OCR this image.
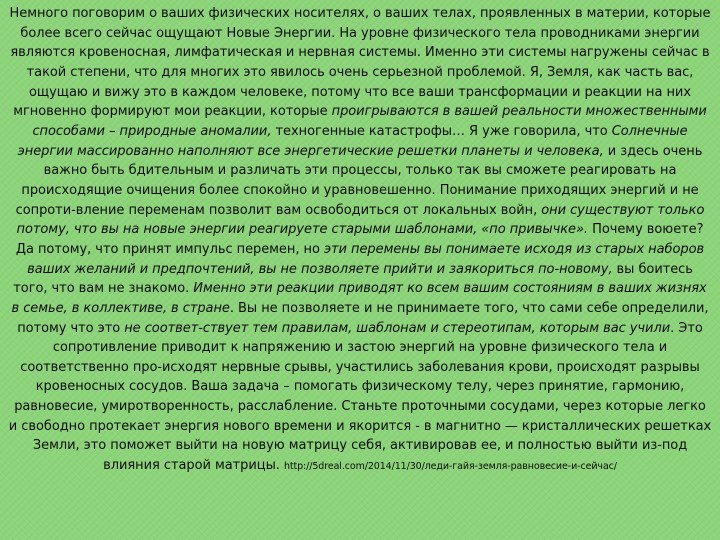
Немного поговорим о ваших физических носителях, о ваших телах, проявленных в материи, которые более всего сейчас ощущают Новые Энергии. На уровне физического тела проводниками энергии являются кровеносная, лимфатическая и нервная системы. Именно эти системы нагружены сейчас в такой степени, что для многих это явилось очень серьезной проблемой. Я, Земля, как часть вас, ощущаю и вижу это в каждом человеке, потому что все ваши трансформации и реакции на них мгновенно формируют мои реакции, которые проигрываются в вашей реальности множественными способами – природные аномалии, техногенные катастрофы… Я уже говорила, что Солнечные энергии массированно наполняют все энергетические решетки планеты и человека, и здесь очень важно быть бдительным и различать эти процессы, только так вы сможете реагировать на происходящие очищения более спокойно и уравновешенно. Понимание приходящих энергий и не сопроти-вление переменам позволит вам освободиться от локальных войн, они существуют только потому, что вы на новые энергии реагируете старыми шаблонами, «по привычке». Почему воюете? Да потому, что принят импульс перемен, но эти перемены вы понимаете исходя из старых наборов ваших желаний и предпочтений, вы не позволяете прийти и заякориться по-новому, вы боитесь того, что вам не знакомо. Именно эти реакции приводят ко всем вашим состояниям в ваших жизнях в семье, в коллективе, в стране. Вы не позволяете и не принимаете того, что сами себе определили, потому что это не соответ-ствует тем правилам, шаблонам и стереотипам, которым вас учили. Это сопротивление приводит к напряжению и застою энергий на уровне физического тела и соответственно про-исходят нервные срывы, участились заболевания крови, происходят разрывы кровеносных сосудов. Ваша задача – помогать физическому телу, через принятие, гармонию, равновесие, умиротворенность, расслабление. Станьте проточными сосудами, через которые легко и свободно протекает энергия нового времени и якорится - в магнитно — кристаллических решетках Земли, это поможет выйти на новую матрицу себя, активировав ее, и полностью выйти из-под влияния старой матрицы. http://5dreal.com/2014/11/30/леди-гайя-земля-равновесие-и-сейчас/
